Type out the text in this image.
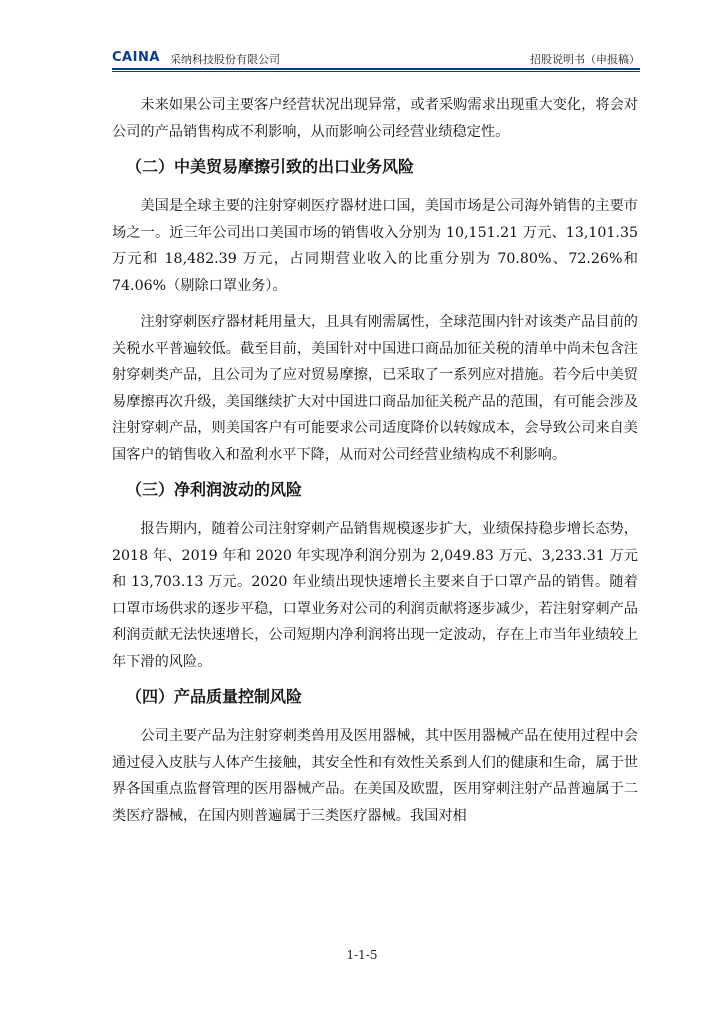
CAINA 采纳科技股份有限公司	招股说明书（申报稿）

未来如果公司主要客户经营状况出现异常，或者采购需求出现重大变化，将会对公司的产品销售构成不利影响，从而影响公司经营业绩稳定性。

（二）中美贸易摩擦引致的出口业务风险

美国是全球主要的注射穿刺医疗器材进口国，美国市场是公司海外销售的主要市场之一。近三年公司出口美国市场的销售收入分别为 10,151.21 万元、13,101.35 万元和 18,482.39 万元，占同期营业收入的比重分别为 70.80%、72.26%和 74.06%（剔除口罩业务）。

注射穿刺医疗器材耗用量大，且具有刚需属性，全球范围内针对该类产品目前的关税水平普遍较低。截至目前，美国针对中国进口商品加征关税的清单中尚未包含注射穿刺类产品，且公司为了应对贸易摩擦，已采取了一系列应对措施。若今后中美贸易摩擦再次升级，美国继续扩大对中国进口商品加征关税产品的范围，有可能会涉及注射穿刺产品，则美国客户有可能要求公司适度降价以转嫁成本，会导致公司来自美国客户的销售收入和盈利水平下降，从而对公司经营业绩构成不利影响。

（三）净利润波动的风险

报告期内，随着公司注射穿刺产品销售规模逐步扩大，业绩保持稳步增长态势， 2018 年、2019 年和 2020 年实现净利润分别为 2,049.83 万元、3,233.31 万元和 13,703.13 万元。2020 年业绩出现快速增长主要来自于口罩产品的销售。随着口罩市场供求的逐步平稳，口罩业务对公司的利润贡献将逐步减少，若注射穿刺产品利润贡献无法快速增长，公司短期内净利润将出现一定波动，存在上市当年业绩较上年下滑的风险。

（四）产品质量控制风险

公司主要产品为注射穿刺类兽用及医用器械，其中医用器械产品在使用过程中会通过侵入皮肤与人体产生接触，其安全性和有效性关系到人们的健康和生命，属于世界各国重点监督管理的医用器械产品。在美国及欧盟，医用穿刺注射产品普遍属于二类医疗器械，在国内则普遍属于三类医疗器械。我国对相

1-1-5
